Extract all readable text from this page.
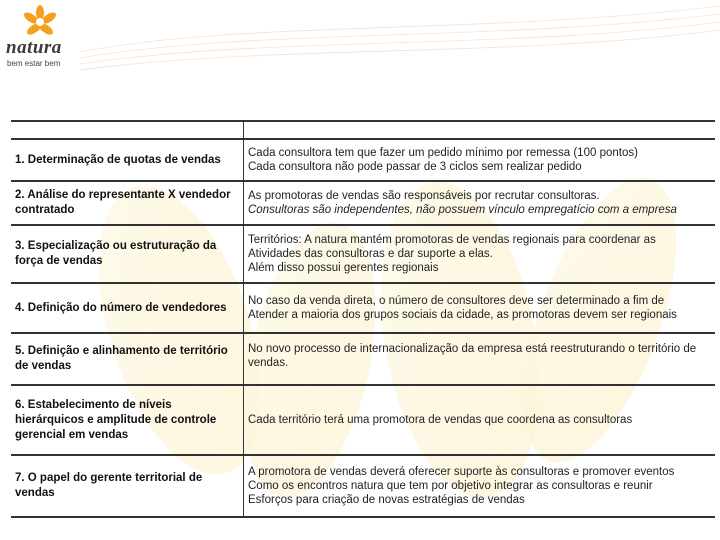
natura
bem estar bem
1. Determinação de quotas de vendas
Cada consultora tem que fazer um pedido mínimo por remessa (100 pontos)
Cada consultora não pode passar de 3 ciclos sem realizar pedido
2. Análise do representante X vendedor contratado
As promotoras de vendas são responsáveis por recrutar consultoras.
Consultoras são independentes, não possuem vínculo empregatício com a empresa
3. Especialização ou estruturação da força de vendas
Territórios: A natura mantém promotoras de vendas regionais para coordenar as
Atividades das consultoras e dar suporte a elas.
Além disso possui gerentes regionais
4. Definição do número de vendedores
No caso da venda direta, o número de consultores deve ser determinado a fim de
Atender a maioria dos grupos sociais da cidade, as promotoras devem ser regionais
5. Definição e alinhamento de território de vendas
No novo processo de internacionalização da empresa está reestruturando o território de
vendas.
6. Estabelecimento de níveis hierárquicos e amplitude de controle gerencial em vendas
Cada território terá uma promotora de vendas que coordena as consultoras
7. O papel do gerente territorial de vendas
A promotora de vendas deverá oferecer suporte às consultoras e promover eventos
Como os encontros natura que tem por objetivo integrar as consultoras e reunir
Esforços para criação de novas estratégias de vendas
